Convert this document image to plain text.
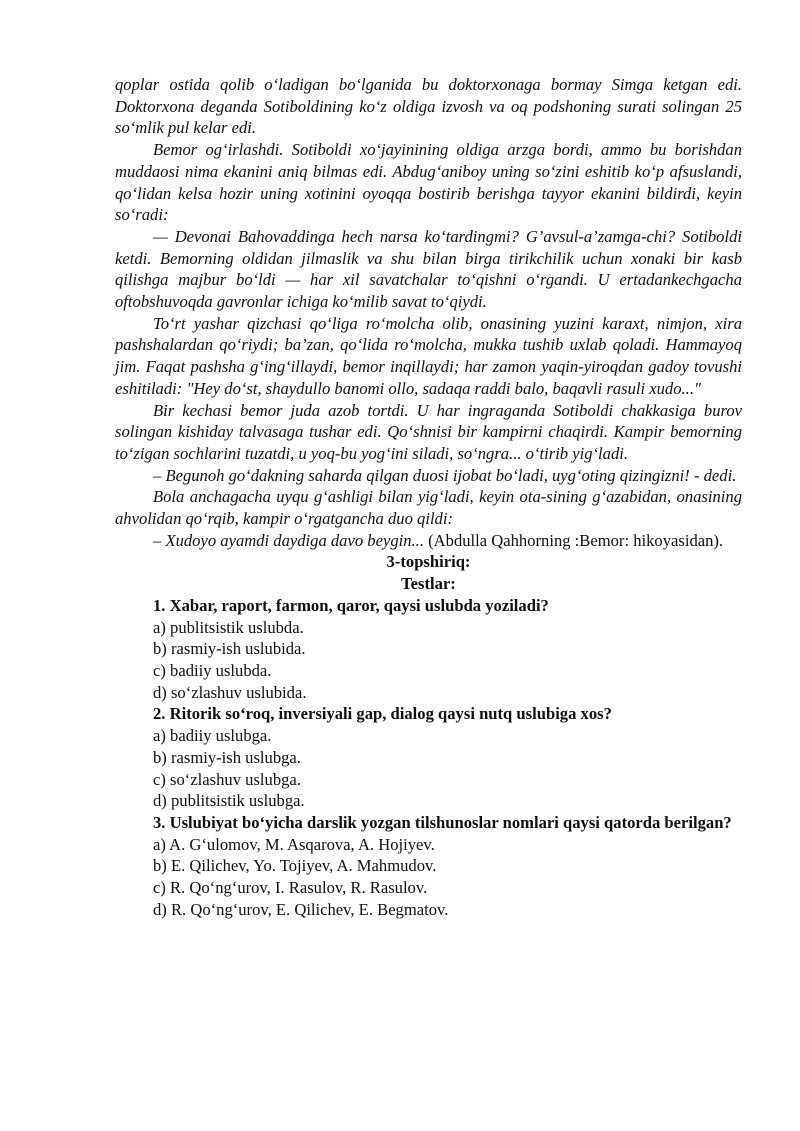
qoplar ostida qolib o‘ladigan bo‘lganida bu doktorxonaga bormay Simga ketgan edi. Doktorxona deganda Sotiboldining ko‘z oldiga izvosh va oq podshoning surati solingan 25 so‘mlik pul kelar edi.

Bemor og‘irlashdi. Sotiboldi xo‘jayinining oldiga arzga bordi, ammo bu borishdan muddaosi nima ekanini aniq bilmas edi. Abdug‘aniboy uning so‘zini eshitib ko‘p afsuslandi, qo‘lidan kelsa hozir uning xotinini oyoqqa bostirib berishga tayyor ekanini bildirdi, keyin so‘radi:

— Devonai Bahovaddinga hech narsa ko‘tardingmi? G’avsul-a’zamga-chi? Sotiboldi ketdi. Bemorning oldidan jilmaslik va shu bilan birga tirikchilik uchun xonaki bir kasb qilishga majbur bo‘ldi — har xil savatchalar to‘qishni o‘rgandi. U ertadankechgacha oftobshuvoqda gavronlar ichiga ko‘milib savat to‘qiydi.

To‘rt yashar qizchasi qo‘liga ro‘molcha olib, onasining yuzini karaxt, nimjon, xira pashshalardan qo‘riydi; ba’zan, qo‘lida ro‘molcha, mukka tushib uxlab qoladi. Hammayoq jim. Faqat pashsha g‘ing‘illaydi, bemor inqillaydi; har zamon yaqin-yiroqdan gadoy tovushi eshitiladi: "Hey do‘st, shaydullo banomi ollo, sadaqa raddi balo, baqavli rasuli xudo..."

Bir kechasi bemor juda azob tortdi. U har ingraganda Sotiboldi chakkasiga burov solingan kishiday talvasaga tushar edi. Qo‘shnisi bir kampirni chaqirdi. Kampir bemorning to‘zigan sochlarini tuzatdi, u yoq-bu yog‘ini siladi, so‘ngra... o‘tirib yig‘ladi.

– Begunoh go‘dakning saharda qilgan duosi ijobat bo‘ladi, uyg‘oting qizingizni! - dedi.

Bola anchagacha uyqu g‘ashligi bilan yig‘ladi, keyin ota-sining g‘azabidan, onasining ahvolidan qo‘rqib, kampir o‘rgatgancha duo qildi:

– Xudoyo ayamdi daydiga davo beygin... (Abdulla Qahhorning :Bemor: hikoyasidan).

3-topshiriq:

Testlar:

1. Xabar, raport, farmon, qaror, qaysi uslubda yoziladi?

a) publitsistik uslubda.

b) rasmiy-ish uslubida.

c) badiiy uslubda.

d) so‘zlashuv uslubida.

2. Ritorik so‘roq, inversiyali gap, dialog qaysi nutq uslubiga xos?

a) badiiy uslubga.

b) rasmiy-ish uslubga.

c) so‘zlashuv uslubga.

d) publitsistik uslubga.

3. Uslubiyat bo‘yicha darslik yozgan tilshunoslar nomlari qaysi qatorda berilgan?

a) A. G‘ulomov, M. Asqarova, A. Hojiyev.

b) E. Qilichev, Yo. Tojiyev, A. Mahmudov.

c) R. Qo‘ng‘urov, I. Rasulov, R. Rasulov.

d) R. Qo‘ng‘urov, E. Qilichev, E. Begmatov.
